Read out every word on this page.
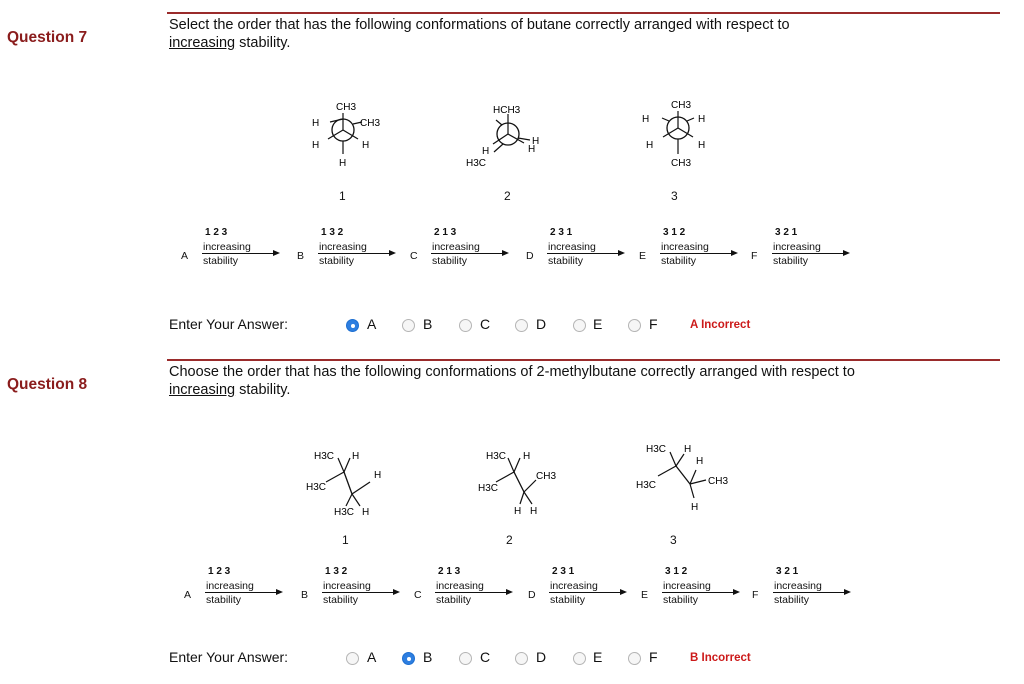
Question 7
Select the order that has the following conformations of butane correctly arranged with respect to
increasing stability.
CH3
H	CH3
H	H
H
1
HCH3
H
H
H
H3C
2
CH3
H	H
H	H
CH3
3
A
1 2 3
increasing
stability	B
1 3 2
increasing
stability	C
2 1 3
increasing
stability	D
2 3 1
increasing
stability	E
3 1 2
increasing
stability	F
3 2 1
increasing
stability
Enter Your Answer:	A	B	C	D	E	F	A Incorrect
Question 8
Choose the order that has the following conformations of 2-methylbutane correctly arranged with respect to
increasing stability.
H3C H
H
H3C
H3C H
1
H3C H
CH3
H3C
H H
2
H3C H
H
H3C	CH3
H
3
A
1 2 3
increasing
stability	B
1 3 2
increasing
stability	C
2 1 3
increasing
stability	D
2 3 1
increasing
stability	E
3 1 2
increasing
stability	F
3 2 1
increasing
stability
Enter Your Answer:	A	B	C	D	E	F	B Incorrect
